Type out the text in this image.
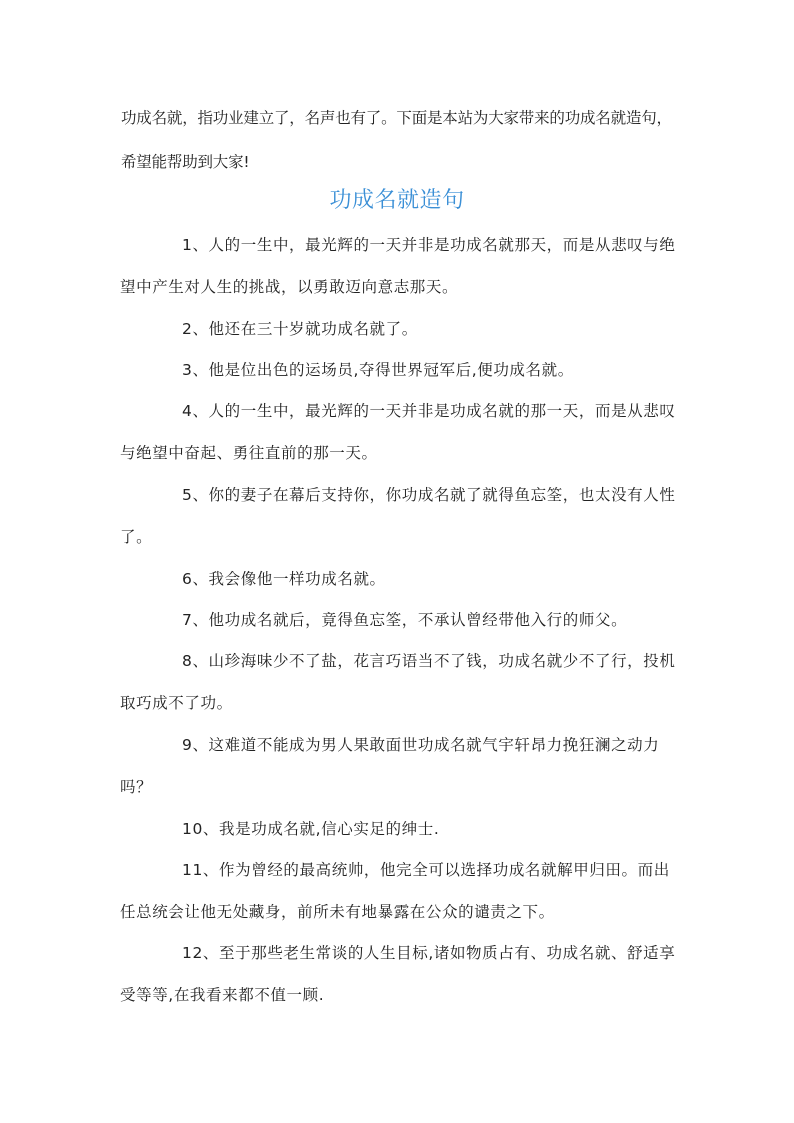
功成名就，指功业建立了，名声也有了。下面是本站为大家带来的功成名就造句，
希望能帮助到大家!
功成名就造句

1、人的一生中，最光辉的一天并非是功成名就那天，而是从悲叹与绝望中产生对人生的挑战，以勇敢迈向意志那天。

2、他还在三十岁就功成名就了。

3、他是位出色的运场员,夺得世界冠军后,便功成名就。

4、人的一生中，最光辉的一天并非是功成名就的那一天，而是从悲叹与绝望中奋起、勇往直前的那一天。

5、你的妻子在幕后支持你，你功成名就了就得鱼忘筌，也太没有人性了。

6、我会像他一样功成名就。

7、他功成名就后，竟得鱼忘筌，不承认曾经带他入行的师父。

8、山珍海味少不了盐，花言巧语当不了钱，功成名就少不了行，投机取巧成不了功。

9、这难道不能成为男人果敢面世功成名就气宇轩昂力挽狂澜之动力吗？

10、我是功成名就,信心实足的绅士.

11、作为曾经的最高统帅，他完全可以选择功成名就解甲归田。而出任总统会让他无处藏身，前所未有地暴露在公众的谴责之下。

12、至于那些老生常谈的人生目标,诸如物质占有、功成名就、舒适享受等等,在我看来都不值一顾.
